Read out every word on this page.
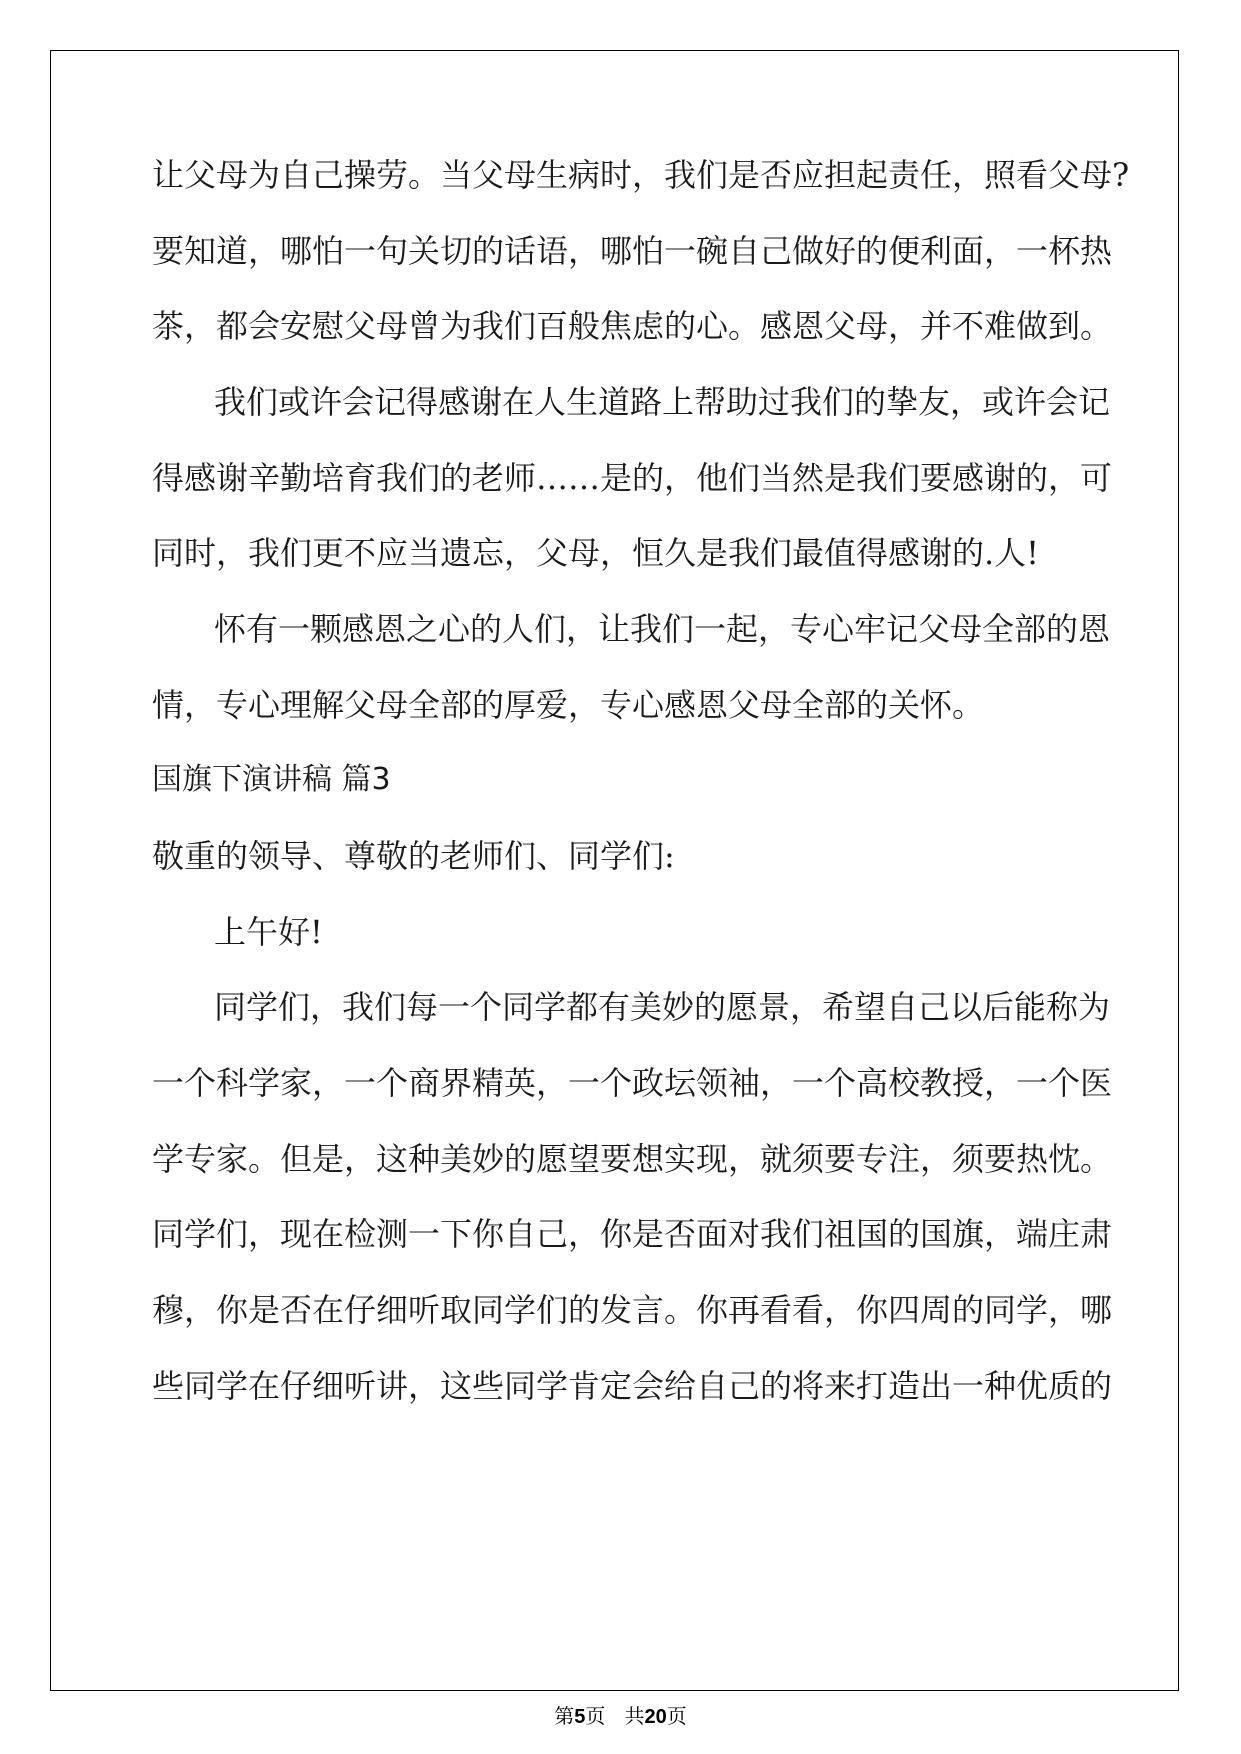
让父母为自己操劳。当父母生病时，我们是否应担起责任，照看父母?
要知道，哪怕一句关切的话语，哪怕一碗自己做好的便利面，一杯热
茶，都会安慰父母曾为我们百般焦虑的心。感恩父母，并不难做到。
我们或许会记得感谢在人生道路上帮助过我们的挚友，或许会记
得感谢辛勤培育我们的老师……是的，他们当然是我们要感谢的，可
同时，我们更不应当遗忘，父母，恒久是我们最值得感谢的.人!
怀有一颗感恩之心的人们，让我们一起，专心牢记父母全部的恩
情，专心理解父母全部的厚爱，专心感恩父母全部的关怀。
国旗下演讲稿 篇3
敬重的领导、尊敬的老师们、同学们:
上午好!
同学们，我们每一个同学都有美妙的愿景，希望自己以后能称为
一个科学家，一个商界精英，一个政坛领袖，一个高校教授，一个医
学专家。但是，这种美妙的愿望要想实现，就须要专注，须要热忱。
同学们，现在检测一下你自己，你是否面对我们祖国的国旗，端庄肃
穆，你是否在仔细听取同学们的发言。你再看看，你四周的同学，哪
些同学在仔细听讲，这些同学肯定会给自己的将来打造出一种优质的
第5页 共20页
